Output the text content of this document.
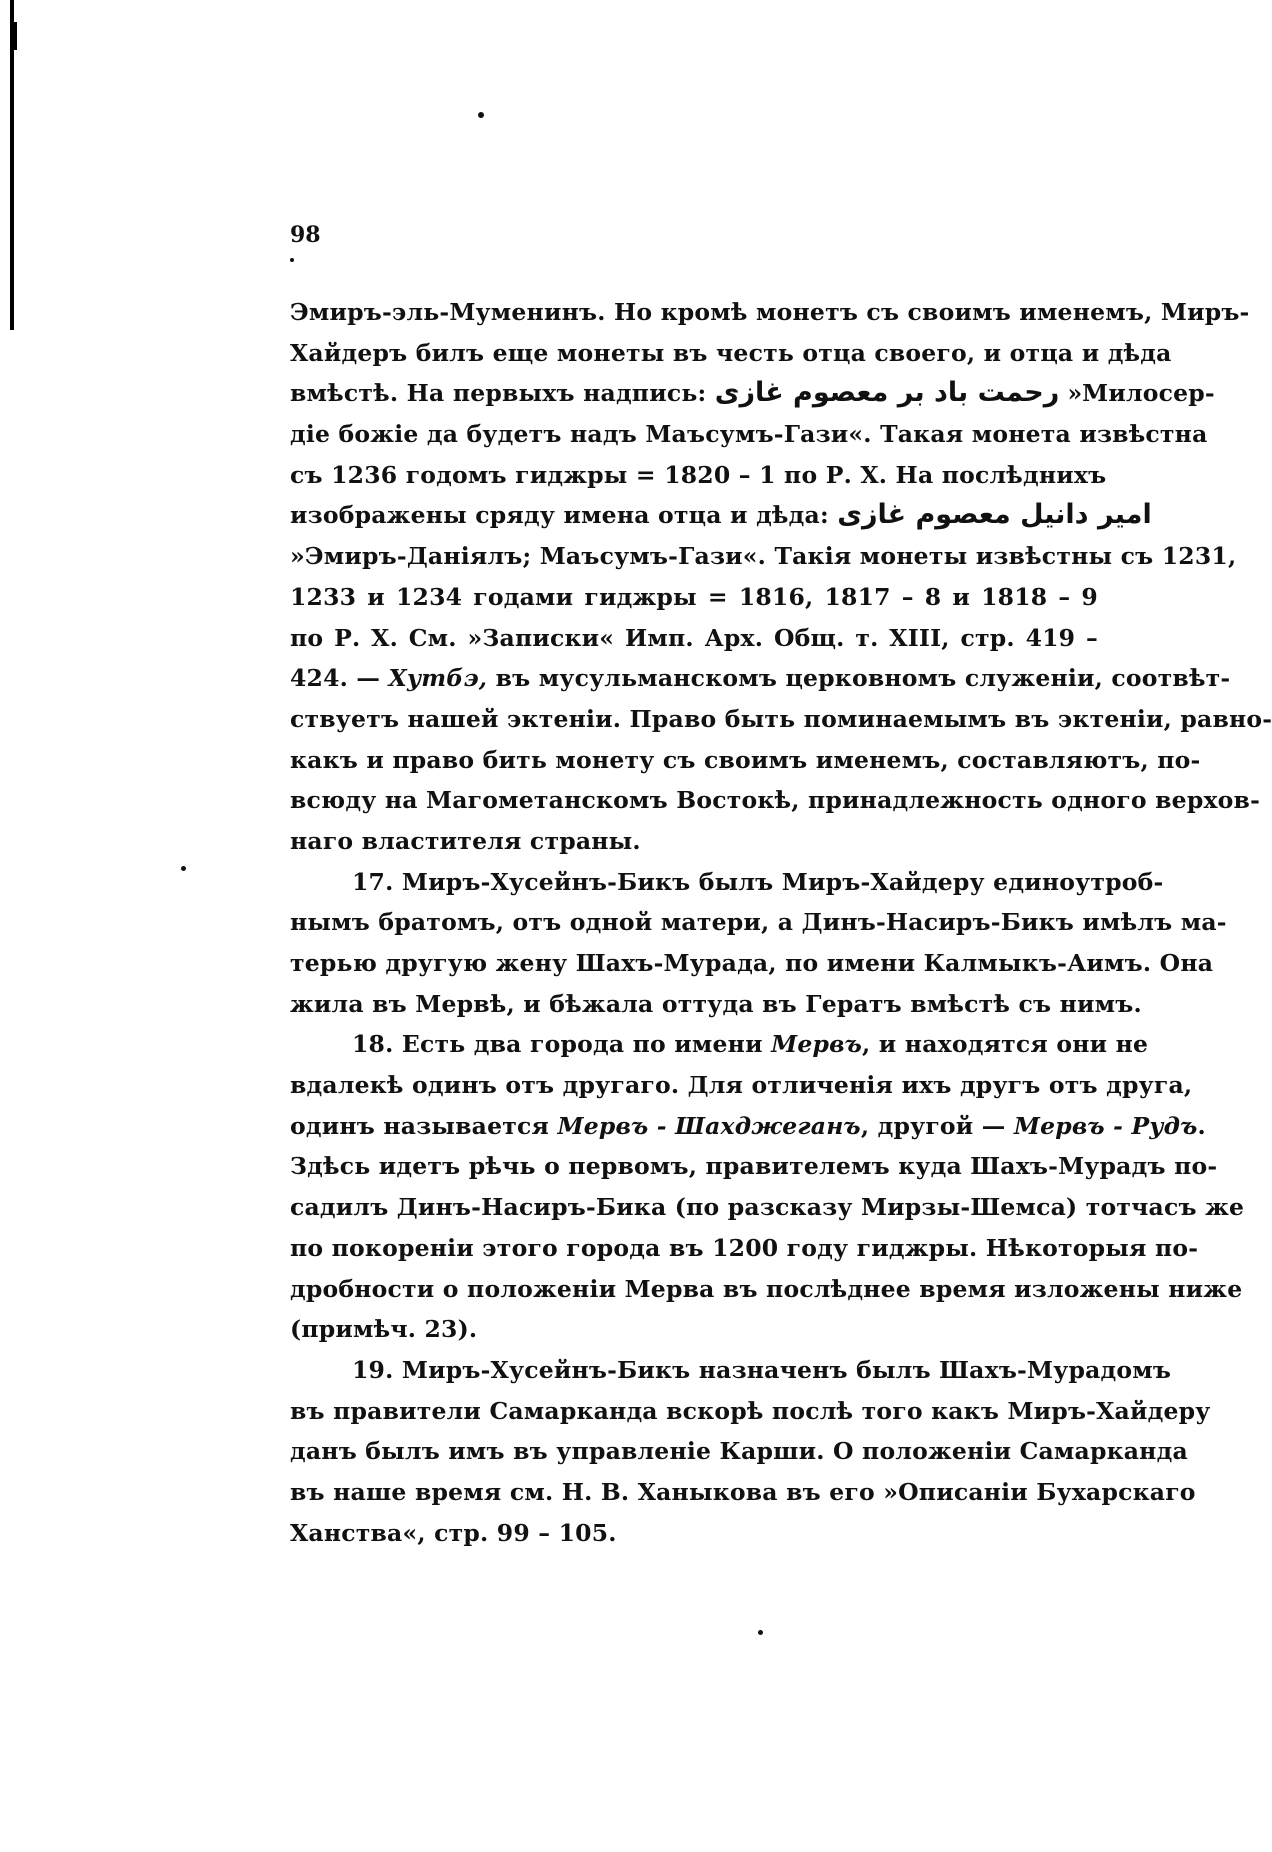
98
Эмиръ-эль-Муменинъ. Но кромѣ монетъ съ своимъ именемъ, Миръ-
Хайдеръ билъ еще монеты въ честь отца своего, и отца и дѣда
вмѣстѣ. На первыхъ надпись: رحمت باد بر معصوم غازی »Милосер-
діе божіе да будетъ надъ Маъсумъ-Гази«. Такая монета извѣстна
съ 1236 годомъ гиджры = 1820 – 1 по Р. Х. На послѣднихъ
изображены сряду имена отца и дѣда: امیر دانیل معصوم غازی
»Эмиръ-Даніялъ; Маъсумъ-Гази«. Такія монеты извѣстны съ 1231,
1233 и 1234 годами гиджры = 1816, 1817 – 8 и 1818 – 9
по Р. Х. См. »Записки« Имп. Арх. Общ. т. XIII, стр. 419 –
424. — Хутбэ, въ мусульманскомъ церковномъ служеніи, соотвѣт-
ствуетъ нашей эктеніи. Право быть поминаемымъ въ эктеніи, равно-
какъ и право бить монету съ своимъ именемъ, составляютъ, по-
всюду на Магометанскомъ Востокѣ, принадлежность одного верхов-
наго властителя страны.
17. Миръ-Хусейнъ-Бикъ былъ Миръ-Хайдеру единоутроб-
нымъ братомъ, отъ одной матери, а Динъ-Насиръ-Бикъ имѣлъ ма-
терью другую жену Шахъ-Мурада, по имени Калмыкъ-Аимъ. Она
жила въ Мервѣ, и бѣжала оттуда въ Гератъ вмѣстѣ съ нимъ.
18. Есть два города по имени Мервъ, и находятся они не
вдалекѣ одинъ отъ другаго. Для отличенія ихъ другъ отъ друга,
одинъ называется Мервъ - Шахджеганъ, другой — Мервъ - Рудъ.
Здѣсь идетъ рѣчь о первомъ, правителемъ куда Шахъ-Мурадъ по-
садилъ Динъ-Насиръ-Бика (по разсказу Мирзы-Шемса) тотчасъ же
по покореніи этого города въ 1200 году гиджры. Нѣкоторыя по-
дробности о положеніи Мерва въ послѣднее время изложены ниже
(примѣч. 23).
19. Миръ-Хусейнъ-Бикъ назначенъ былъ Шахъ-Мурадомъ
въ правители Самарканда вскорѣ послѣ того какъ Миръ-Хайдеру
данъ былъ имъ въ управленіе Карши. О положеніи Самарканда
въ наше время см. Н. В. Ханыкова въ его »Описаніи Бухарскаго
Ханства«, стр. 99 – 105.
